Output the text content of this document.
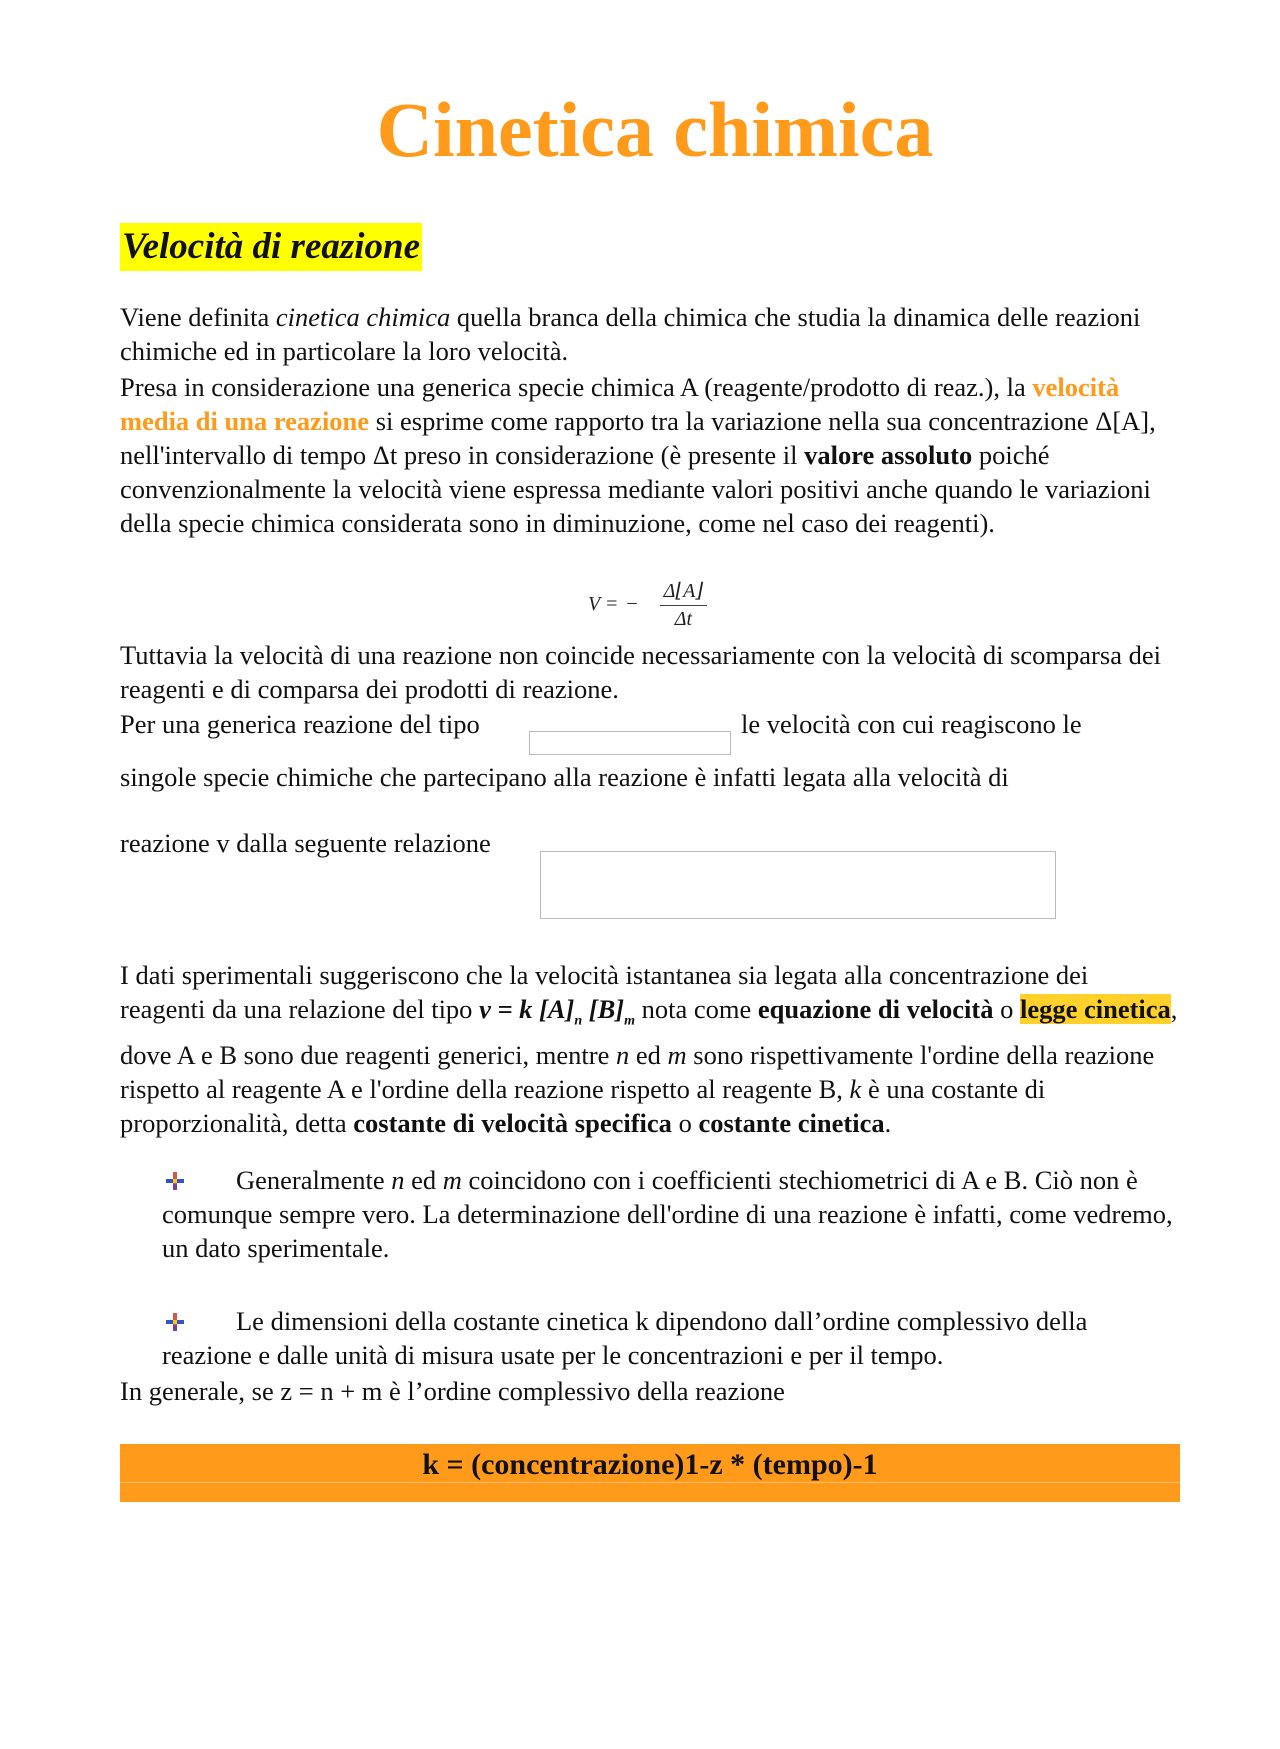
Cinetica chimica
Velocità di reazione

Viene definita cinetica chimica quella branca della chimica che studia la dinamica delle reazioni chimiche ed in particolare la loro velocità.

Presa in considerazione una generica specie chimica A (reagente/prodotto di reaz.), la velocità media di una reazione si esprime come rapporto tra la variazione nella sua concentrazione Δ[A], nell'intervallo di tempo Δt preso in considerazione (è presente il valore assoluto poiché convenzionalmente la velocità viene espressa mediante valori positivi anche quando le variazioni della specie chimica considerata sono in diminuzione, come nel caso dei reagenti).

V = − $\frac{\Delta⌊A⌋}{\Delta t}$

Tuttavia la velocità di una reazione non coincide necessariamente con la velocità di scomparsa dei reagenti e di comparsa dei prodotti di reazione.

Per una generica reazione del tipo	le velocità con cui reagiscono le

singole specie chimiche che partecipano alla reazione è infatti legata alla velocità di

reazione v dalla seguente relazione

I dati sperimentali suggeriscono che la velocità istantanea sia legata alla concentrazione dei reagenti da una relazione del tipo v = k $[A]_n$ $[B]_m$ nota come equazione di velocità o legge cinetica, dove A e B sono due reagenti generici, mentre n ed m sono rispettivamente l'ordine della reazione rispetto al reagente A e l'ordine della reazione rispetto al reagente B, k è una costante di proporzionalità, detta costante di velocità specifica o costante cinetica.

Generalmente n ed m coincidono con i coefficienti stechiometrici di A e B. Ciò non è comunque sempre vero. La determinazione dell'ordine di una reazione è infatti, come vedremo, un dato sperimentale.
Le dimensioni della costante cinetica k dipendono dall’ordine complessivo della reazione e dalle unità di misura usate per le concentrazioni e per il tempo.

In generale, se z = n + m è l’ordine complessivo della reazione

k = (concentrazione)1-z * (tempo)-1
